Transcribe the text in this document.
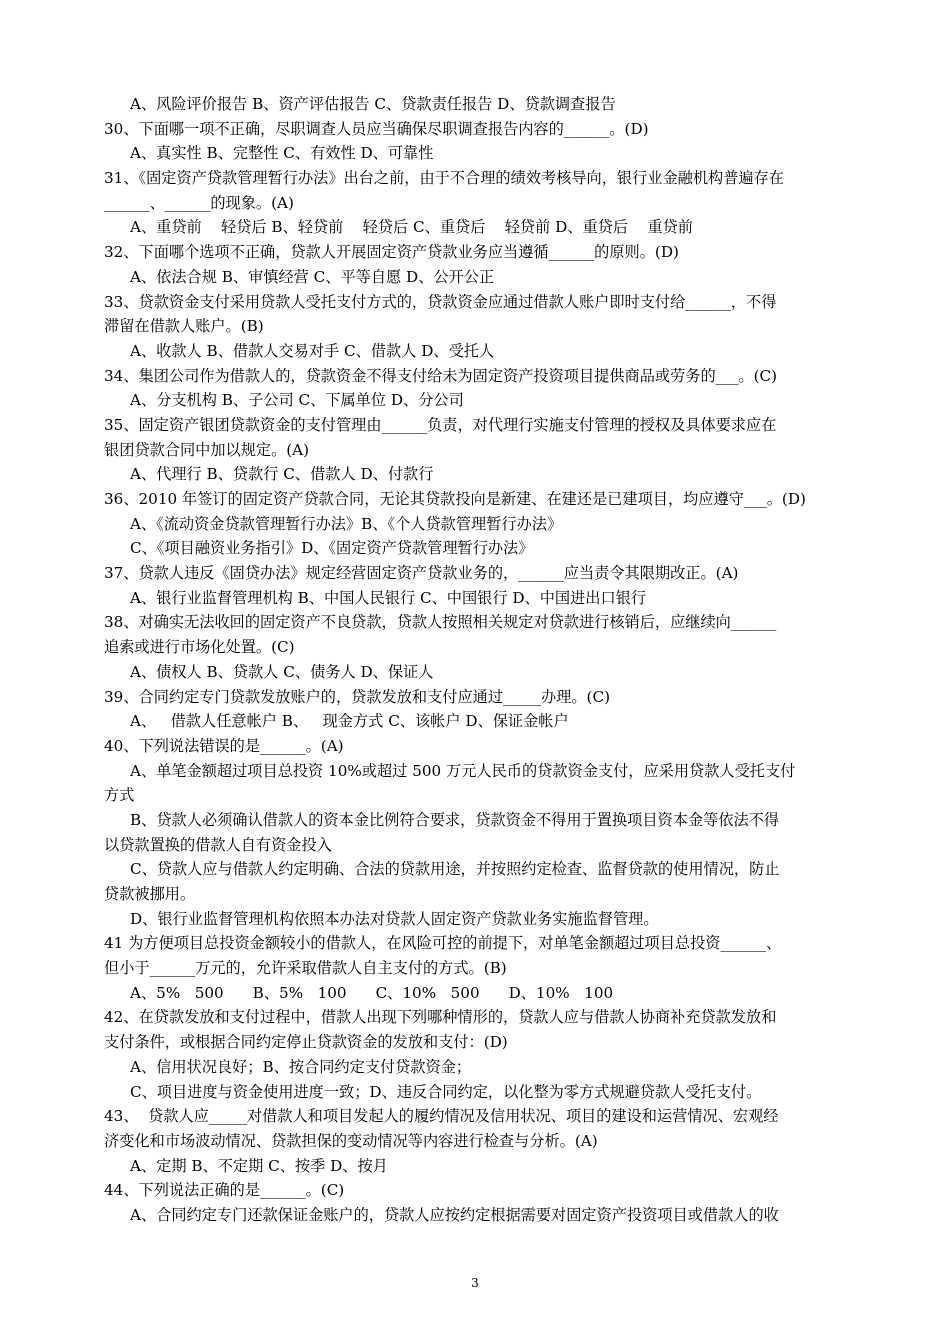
A、风险评价报告 B、资产评估报告 C、贷款责任报告 D、贷款调查报告
30、下面哪一项不正确，尽职调查人员应当确保尽职调查报告内容的______。(D)
A、真实性 B、完整性 C、有效性 D、可靠性
31、《固定资产贷款管理暂行办法》出台之前，由于不合理的绩效考核导向，银行业金融机构普遍存在
______、______的现象。(A)
A、重贷前    轻贷后 B、轻贷前    轻贷后 C、重贷后    轻贷前 D、重贷后    重贷前
32、下面哪个选项不正确，贷款人开展固定资产贷款业务应当遵循______的原则。(D)
A、依法合规 B、审慎经营 C、平等自愿 D、公开公正
33、贷款资金支付采用贷款人受托支付方式的，贷款资金应通过借款人账户即时支付给______，不得
滞留在借款人账户。(B)
A、收款人 B、借款人交易对手 C、借款人 D、受托人
34、集团公司作为借款人的，贷款资金不得支付给未为固定资产投资项目提供商品或劳务的___。(C)
A、分支机构 B、子公司 C、下属单位 D、分公司
35、固定资产银团贷款资金的支付管理由______负责，对代理行实施支付管理的授权及具体要求应在
银团贷款合同中加以规定。(A)
A、代理行 B、贷款行 C、借款人 D、付款行
36、2010 年签订的固定资产贷款合同，无论其贷款投向是新建、在建还是已建项目，均应遵守___。(D)
A、《流动资金贷款管理暂行办法》B、《个人贷款管理暂行办法》
C、《项目融资业务指引》D、《固定资产贷款管理暂行办法》
37、贷款人违反《固贷办法》规定经营固定资产贷款业务的，______应当责令其限期改正。(A)
A、银行业监督管理机构 B、中国人民银行 C、中国银行 D、中国进出口银行
38、对确实无法收回的固定资产不良贷款，贷款人按照相关规定对贷款进行核销后，应继续向______
追索或进行市场化处置。(C)
A、债权人 B、贷款人 C、债务人 D、保证人
39、合同约定专门贷款发放账户的，贷款发放和支付应通过_____办理。(C)
A、   借款人任意帐户 B、   现金方式 C、该帐户 D、保证金帐户
40、下列说法错误的是______。(A)
A、单笔金额超过项目总投资 10%或超过 500 万元人民币的贷款资金支付，应采用贷款人受托支付
方式
B、贷款人必须确认借款人的资本金比例符合要求，贷款资金不得用于置换项目资本金等依法不得
以贷款置换的借款人自有资金投入
C、贷款人应与借款人约定明确、合法的贷款用途，并按照约定检查、监督贷款的使用情况，防止
贷款被挪用。
D、银行业监督管理机构依照本办法对贷款人固定资产贷款业务实施监督管理。
41 为方便项目总投资金额较小的借款人，在风险可控的前提下，对单笔金额超过项目总投资______、
但小于______万元的，允许采取借款人自主支付的方式。(B)
A、5%   500      B、5%   100      C、10%   500      D、10%   100
42、在贷款发放和支付过程中，借款人出现下列哪种情形的，贷款人应与借款人协商补充贷款发放和
支付条件，或根据合同约定停止贷款资金的发放和支付：(D)
A、信用状况良好；B、按合同约定支付贷款资金；
C、项目进度与资金使用进度一致；D、违反合同约定，以化整为零方式规避贷款人受托支付。
43、  贷款人应_____对借款人和项目发起人的履约情况及信用状况、项目的建设和运营情况、宏观经
济变化和市场波动情况、贷款担保的变动情况等内容进行检查与分析。(A)
A、定期 B、不定期 C、按季 D、按月
44、下列说法正确的是______。(C)
A、合同约定专门还款保证金账户的，贷款人应按约定根据需要对固定资产投资项目或借款人的收
3
